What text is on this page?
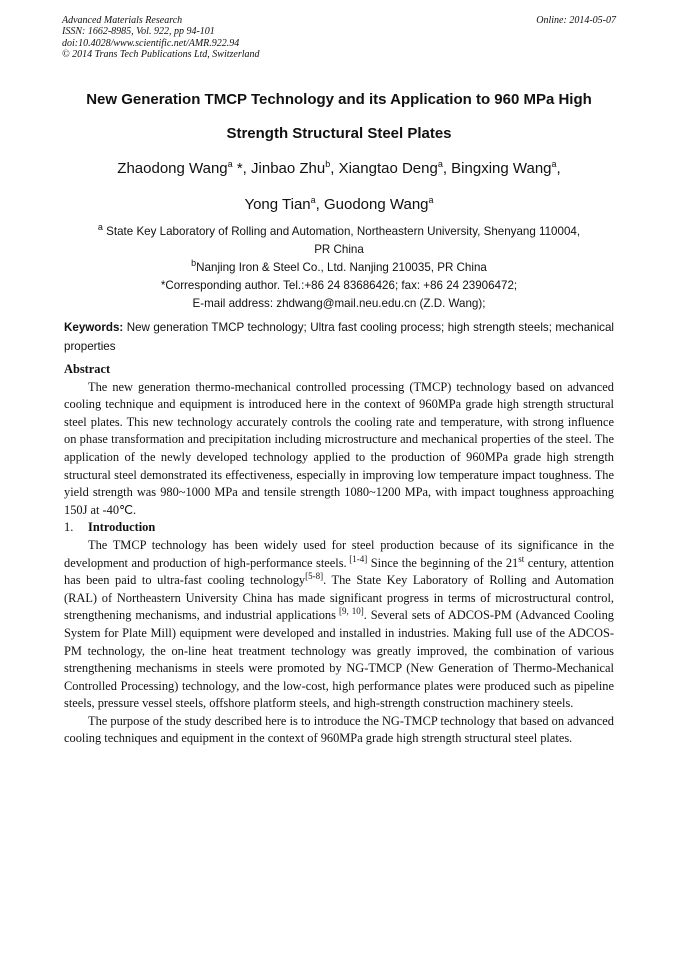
Advanced Materials Research
ISSN: 1662-8985, Vol. 922, pp 94-101
doi:10.4028/www.scientific.net/AMR.922.94
© 2014 Trans Tech Publications Ltd, Switzerland
Online: 2014-05-07
New Generation TMCP Technology and its Application to 960 MPa High
Strength Structural Steel Plates
Zhaodong Wang$^a$ *, Jinbao Zhu$^b$, Xiangtao Deng$^a$, Bingxing Wang$^a$,
Yong Tian$^a$, Guodong Wang$^a$
$^a$ State Key Laboratory of Rolling and Automation, Northeastern University, Shenyang 110004,
PR China
$^b$Nanjing Iron & Steel Co., Ltd. Nanjing 210035, PR China
*Corresponding author. Tel.:+86 24 83686426; fax: +86 24 23906472;
E-mail address: zhdwang@mail.neu.edu.cn (Z.D. Wang);
Keywords: New generation TMCP technology; Ultra fast cooling process; high strength steels; mechanical properties
Abstract

The new generation thermo-mechanical controlled processing (TMCP) technology based on advanced cooling technique and equipment is introduced here in the context of 960MPa grade high strength structural steel plates. This new technology accurately controls the cooling rate and temperature, with strong influence on phase transformation and precipitation including microstructure and mechanical properties of the steel. The application of the newly developed technology applied to the production of 960MPa grade high strength structural steel demonstrated its effectiveness, especially in improving low temperature impact toughness. The yield strength was 980~1000 MPa and tensile strength 1080~1200 MPa, with impact toughness approaching 150J at -40℃.

1. Introduction

The TMCP technology has been widely used for steel production because of its significance in the development and production of high-performance steels. [1-4] Since the beginning of the 21st century, attention has been paid to ultra-fast cooling technology[5-8]. The State Key Laboratory of Rolling and Automation (RAL) of Northeastern University China has made significant progress in terms of microstructural control, strengthening mechanisms, and industrial applications [9, 10]. Several sets of ADCOS-PM (Advanced Cooling System for Plate Mill) equipment were developed and installed in industries. Making full use of the ADCOS-PM technology, the on-line heat treatment technology was greatly improved, the combination of various strengthening mechanisms in steels were promoted by NG-TMCP (New Generation of Thermo-Mechanical Controlled Processing) technology, and the low-cost, high performance plates were produced such as pipeline steels, pressure vessel steels, offshore platform steels, and high-strength construction machinery steels.

The purpose of the study described here is to introduce the NG-TMCP technology that based on advanced cooling techniques and equipment in the context of 960MPa grade high strength structural steel plates.
